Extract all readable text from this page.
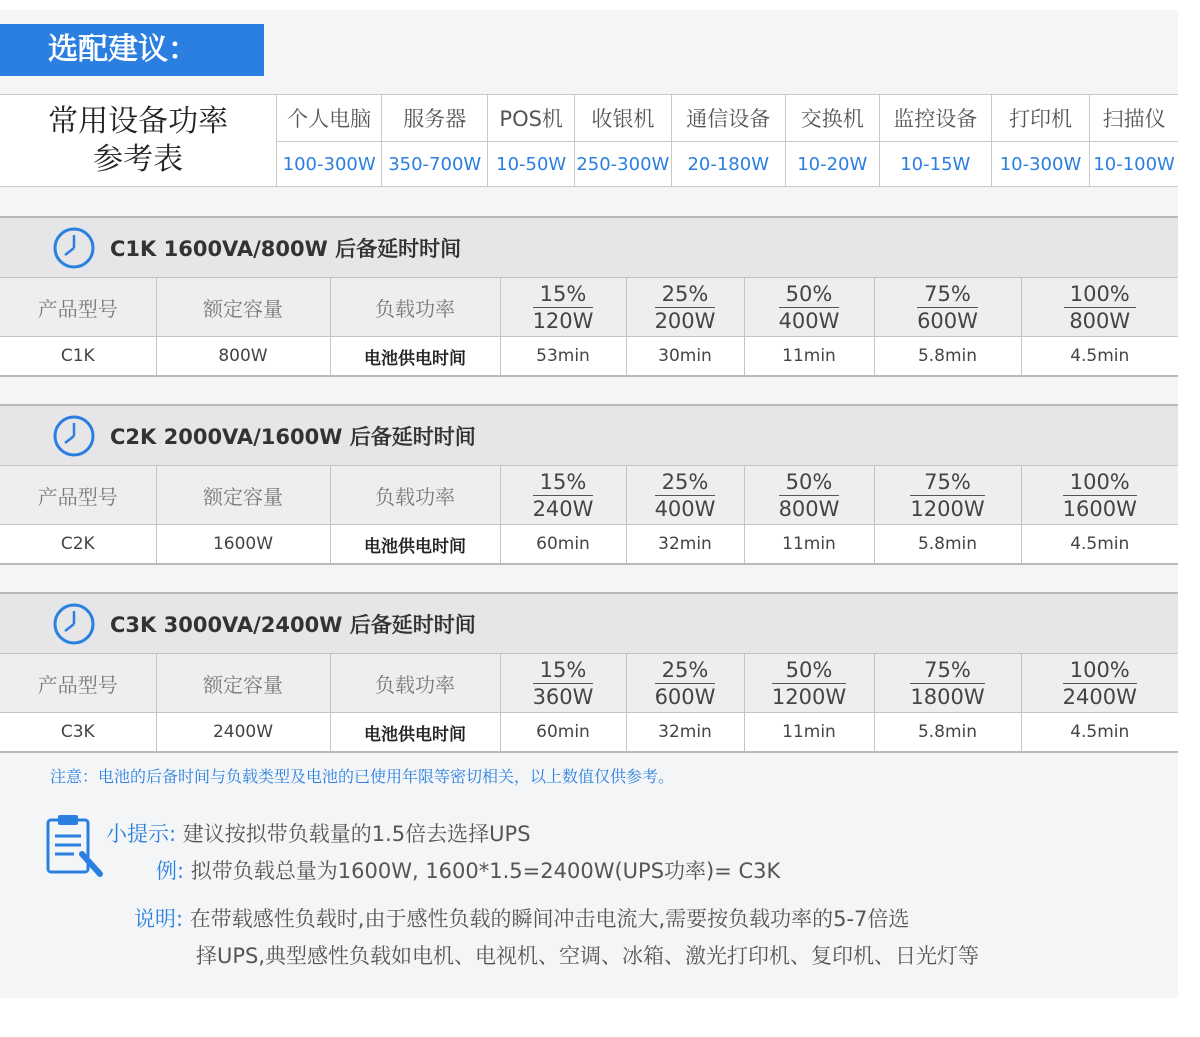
选配建议：
常用设备功率
参考表	个人电脑	服务器	POS机	收银机	通信设备	交换机	监控设备	打印机	扫描仪
	100-300W	350-700W	10-50W	250-300W	20-180W	10-20W	10-15W	10-300W	10-100W
C1K 1600VA/800W 后备延时时间
产品型号	额定容量	负载功率	$\frac{15\%}{120W}$	$\frac{25\%}{200W}$	$\frac{50\%}{400W}$	$\frac{75\%}{600W}$	$\frac{100\%}{800W}$

C1K	800W	电池供电时间	53min	30min	11min	5.8min	4.5min
C2K 2000VA/1600W 后备延时时间
产品型号	额定容量	负载功率	$\frac{15\%}{240W}$	$\frac{25\%}{400W}$	$\frac{50\%}{800W}$	$\frac{75\%}{1200W}$	$\frac{100\%}{1600W}$

C2K	1600W	电池供电时间	60min	32min	11min	5.8min	4.5min
C3K 3000VA/2400W 后备延时时间
产品型号	额定容量	负载功率	$\frac{15\%}{360W}$	$\frac{25\%}{600W}$	$\frac{50\%}{1200W}$	$\frac{75\%}{1800W}$	$\frac{100\%}{2400W}$

C3K	2400W	电池供电时间	60min	32min	11min	5.8min	4.5min
注意：电池的后备时间与负载类型及电池的已使用年限等密切相关，以上数值仅供参考。
小提示: 建议按拟带负载量的1.5倍去选择UPS
例: 拟带负载总量为1600W, 1600*1.5=2400W(UPS功率)= C3K
说明: 在带载感性负载时,由于感性负载的瞬间冲击电流大,需要按负载功率的5-7倍选
择UPS,典型感性负载如电机、电视机、空调、冰箱、激光打印机、复印机、日光灯等
